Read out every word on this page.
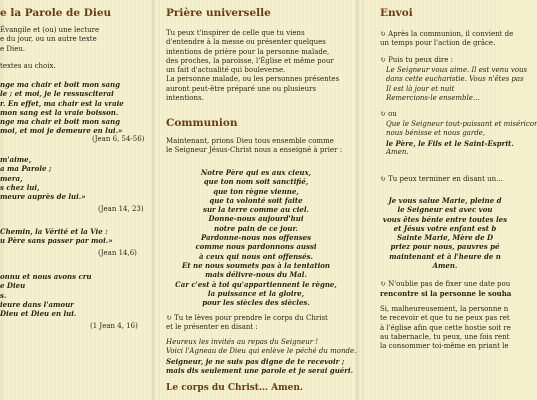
e la Parole de Dieu
Évangile et (ou) une lecture
e du jour, ou un autre texte
e Dieu.
textes au choix.
nge ma chair et boit mon sang
le ; et moi, je le ressusciterai
r. En effet, ma chair est la vraie
mon sang est la vraie boisson.
nge ma chair et boit mon sang
moi, et moi je demeure en lui.»
(Jean 6, 54-56)
m'aime,
a ma Parole ;
mera,
s chez lui,
meure auprès de lui.»
(Jean 14, 23)
Chemin, la Vérité et la Vie :
u Père sans passer par moi.»
(Jean 14,6)
onnu et nous avons cru
e Dieu
s.
ieure dans l'amour
Dieu et Dieu en lui.
(1 Jean 4, 16)
Prière universelle
Tu peux t'inspirer de celle que tu viens
d'entendre à la messe ou présenter quelques
intentions de prière pour la personne malade,
des proches, la paroisse, l'Église et même pour
un fait d'actualité qui bouleverse.
La personne malade, ou les personnes présentes
auront peut-être préparé une ou plusieurs
intentions.
Communion
Maintenant, prions Dieu tous ensemble comme
le Seigneur Jésus-Christ nous a enseigné à prier :
Notre Père qui es aux cieux,
que ton nom soit sanctifié,
que ton règne vienne,
que ta volonté soit faite
sur la terre comme au ciel.
Donne-nous aujourd'hui
notre pain de ce jour.
Pardonne-nous nos offenses
comme nous pardonnons aussi
à ceux qui nous ont offensés.
Et ne nous soumets pas à la tentation
mais délivre-nous du Mal.
Car c'est à toi qu'appartiennent le règne,
la puissance et la gloire,
pour les siècles des siècles.
↻ Tu te lèves pour prendre le corps du Christ
et le présenter en disant :
Heureux les invités au repas du Seigneur !
Voici l'Agneau de Dieu qui enlève le péché du monde.
Seigneur, je ne suis pas digne de te recevoir ;
mais dis seulement une parole et je serai guéri.
Le corps du Christ… Amen.
Envoi
↻ Après la communion, il convient de
un temps pour l'action de grâce.
↻ Puis tu peux dire :
Le Seigneur vous aime. Il est venu vous
dans cette eucharistie. Vous n'êtes pas
Il est là jour et nuit
Remercions-le ensemble…
↻ ou
Que le Seigneur tout-puissant et miséricor
nous bénisse et nous garde,
le Père, le Fils et le Saint-Esprit.
Amen.
↻ Tu peux terminer en disant un…
Je vous salue Marie, pleine d
le Seigneur est avec vou
vous êtes bénie entre toutes les
et Jésus votre enfant est b
Sainte Marie, Mère de D
priez pour nous, pauvres pé
maintenant et à l'heure de n
Amen.
↻ N'oublie pas de fixer une date pou
rencontre si la personne le souha
Si, malheureusement, la personne n
te recevoir et que tu ne peux pas ret
à l'église afin que cette hostie soit re
au tabernacle, tu peux, une fois rent
la consommer toi-même en priant le
